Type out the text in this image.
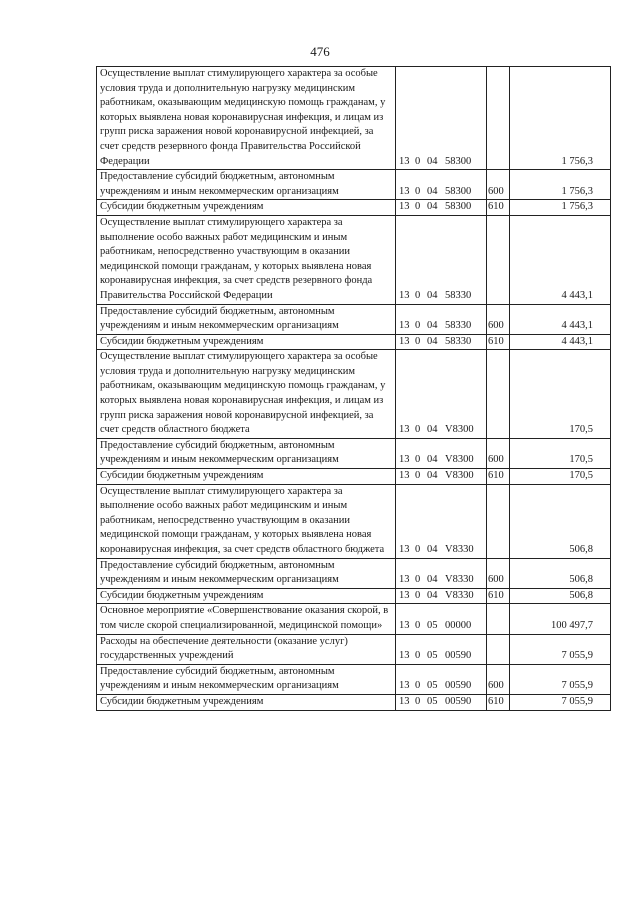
476
Осуществление выплат стимулирующего характера за особые условия труда и дополнительную нагрузку медицинским работникам, оказывающим медицинскую помощь гражданам, у которых выявлена новая коронавирусная инфекция, и лицам из групп риска заражения новой коронавирусной инфекцией, за счет средств резервного фонда Правительства Российской Федерации	13 0 04 58300		1 756,3
Предоставление субсидий бюджетным, автономным учреждениям и иным некоммерческим организациям	13 0 04 58300	600	1 756,3
Субсидии бюджетным учреждениям	13 0 04 58300	610	1 756,3
Осуществление выплат стимулирующего характера за выполнение особо важных работ медицинским и иным работникам, непосредственно участвующим в оказании медицинской помощи гражданам, у которых выявлена новая коронавирусная инфекция, за счет средств резервного фонда Правительства Российской Федерации	13 0 04 58330		4 443,1
Предоставление субсидий бюджетным, автономным учреждениям и иным некоммерческим организациям	13 0 04 58330	600	4 443,1
Субсидии бюджетным учреждениям	13 0 04 58330	610	4 443,1
Осуществление выплат стимулирующего характера за особые условия труда и дополнительную нагрузку медицинским работникам, оказывающим медицинскую помощь гражданам, у которых выявлена новая коронавирусная инфекция, и лицам из групп риска заражения новой коронавирусной инфекцией, за счет средств областного бюджета	13 0 04 V8300		170,5
Предоставление субсидий бюджетным, автономным учреждениям и иным некоммерческим организациям	13 0 04 V8300	600	170,5
Субсидии бюджетным учреждениям	13 0 04 V8300	610	170,5
Осуществление выплат стимулирующего характера за выполнение особо важных работ медицинским и иным работникам, непосредственно участвующим в оказании медицинской помощи гражданам, у которых выявлена новая коронавирусная инфекция, за счет средств областного бюджета	13 0 04 V8330		506,8
Предоставление субсидий бюджетным, автономным учреждениям и иным некоммерческим организациям	13 0 04 V8330	600	506,8
Субсидии бюджетным учреждениям	13 0 04 V8330	610	506,8
Основное мероприятие «Совершенствование оказания скорой, в том числе скорой специализированной, медицинской помощи»	13 0 05 00000		100 497,7
Расходы на обеспечение деятельности (оказание услуг) государственных учреждений	13 0 05 00590		7 055,9
Предоставление субсидий бюджетным, автономным учреждениям и иным некоммерческим организациям	13 0 05 00590	600	7 055,9
Субсидии бюджетным учреждениям	13 0 05 00590	610	7 055,9
